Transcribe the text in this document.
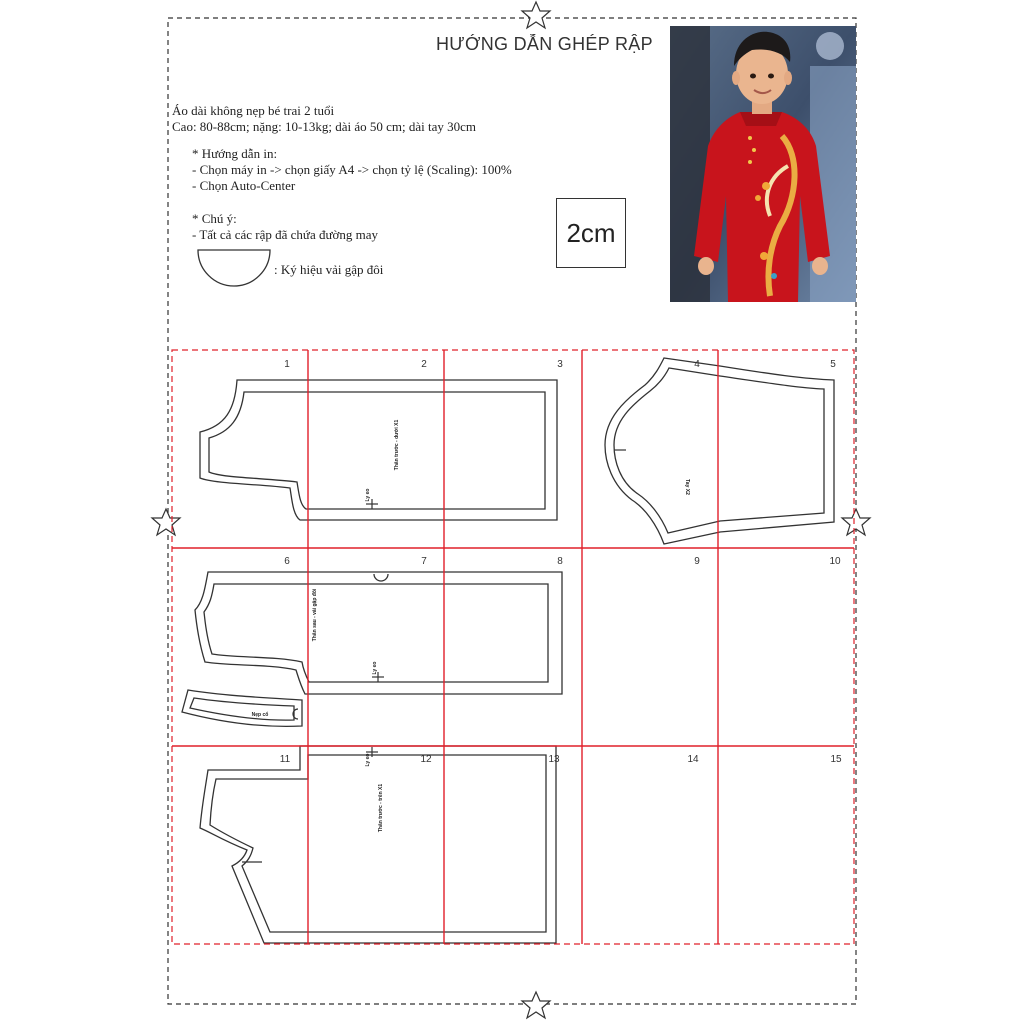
Thân trước - dưới X1
Ly eo
Tay X2
Thân sau - vải gập đôi
Ly eo
Nẹp cổ
Thân trước - trên X1
Ly eo
1	2	3	4	5
6	7	8	9	10
11	12	13	14	15
HƯỚNG DẪN GHÉP RẬP
Áo dài không nẹp bé trai 2 tuổi
Cao: 80-88cm; nặng: 10-13kg; dài áo 50 cm; dài tay 30cm
* Hướng dẫn in:
- Chọn máy in -> chọn giấy A4 -> chọn tỷ lệ (Scaling): 100%
- Chọn Auto-Center
* Chú ý:
- Tất cả các rập đã chứa đường may
: Ký hiệu vải gập đôi
2cm
